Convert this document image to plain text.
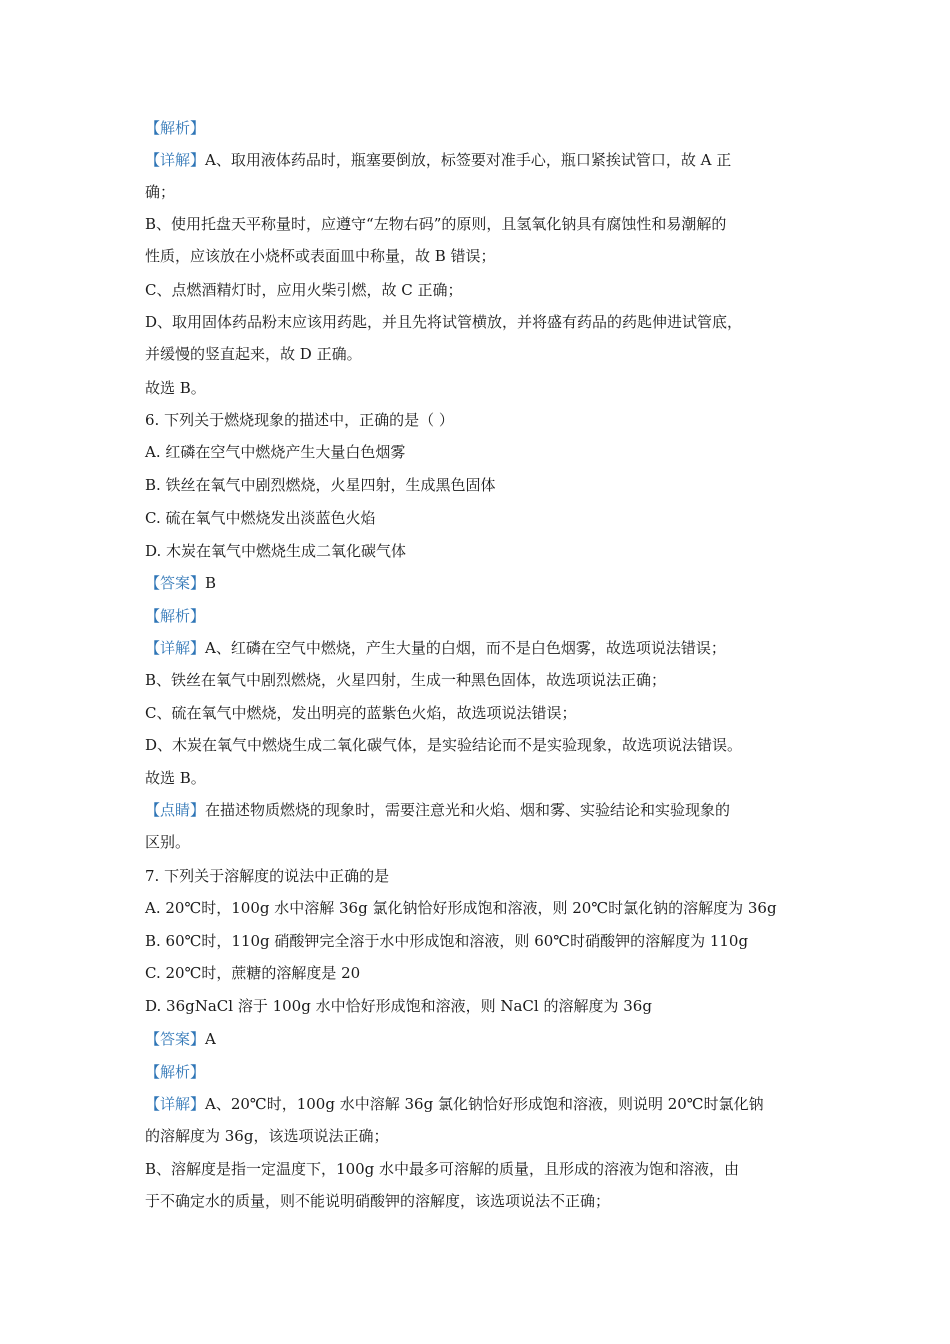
【解析】
【详解】A、取用液体药品时，瓶塞要倒放，标签要对准手心，瓶口紧挨试管口，故 A 正
确；
B、使用托盘天平称量时，应遵守“左物右码”的原则，且氢氧化钠具有腐蚀性和易潮解的
性质，应该放在小烧杯或表面皿中称量，故 B 错误；
C、点燃酒精灯时，应用火柴引燃，故 C 正确；
D、取用固体药品粉末应该用药匙，并且先将试管横放，并将盛有药品的药匙伸进试管底，
并缓慢的竖直起来，故 D 正确。
故选 B。
6. 下列关于燃烧现象的描述中，正确的是（ ）
A. 红磷在空气中燃烧产生大量白色烟雾
B. 铁丝在氧气中剧烈燃烧，火星四射，生成黑色固体
C. 硫在氧气中燃烧发出淡蓝色火焰
D. 木炭在氧气中燃烧生成二氧化碳气体
【答案】B
【解析】
【详解】A、红磷在空气中燃烧，产生大量的白烟，而不是白色烟雾，故选项说法错误；
B、铁丝在氧气中剧烈燃烧，火星四射，生成一种黑色固体，故选项说法正确；
C、硫在氧气中燃烧，发出明亮的蓝紫色火焰，故选项说法错误；
D、木炭在氧气中燃烧生成二氧化碳气体，是实验结论而不是实验现象，故选项说法错误。
故选 B。
【点睛】在描述物质燃烧的现象时，需要注意光和火焰、烟和雾、实验结论和实验现象的
区别。
7. 下列关于溶解度的说法中正确的是
A. 20℃时，100g 水中溶解 36g 氯化钠恰好形成饱和溶液，则 20℃时氯化钠的溶解度为 36g
B. 60℃时，110g 硝酸钾完全溶于水中形成饱和溶液，则 60℃时硝酸钾的溶解度为 110g
C. 20℃时，蔗糖的溶解度是 20
D. 36gNaCl 溶于 100g 水中恰好形成饱和溶液，则 NaCl 的溶解度为 36g
【答案】A
【解析】
【详解】A、20℃时，100g 水中溶解 36g 氯化钠恰好形成饱和溶液，则说明 20℃时氯化钠
的溶解度为 36g，该选项说法正确；
B、溶解度是指一定温度下，100g 水中最多可溶解的质量，且形成的溶液为饱和溶液，由
于不确定水的质量，则不能说明硝酸钾的溶解度，该选项说法不正确；
